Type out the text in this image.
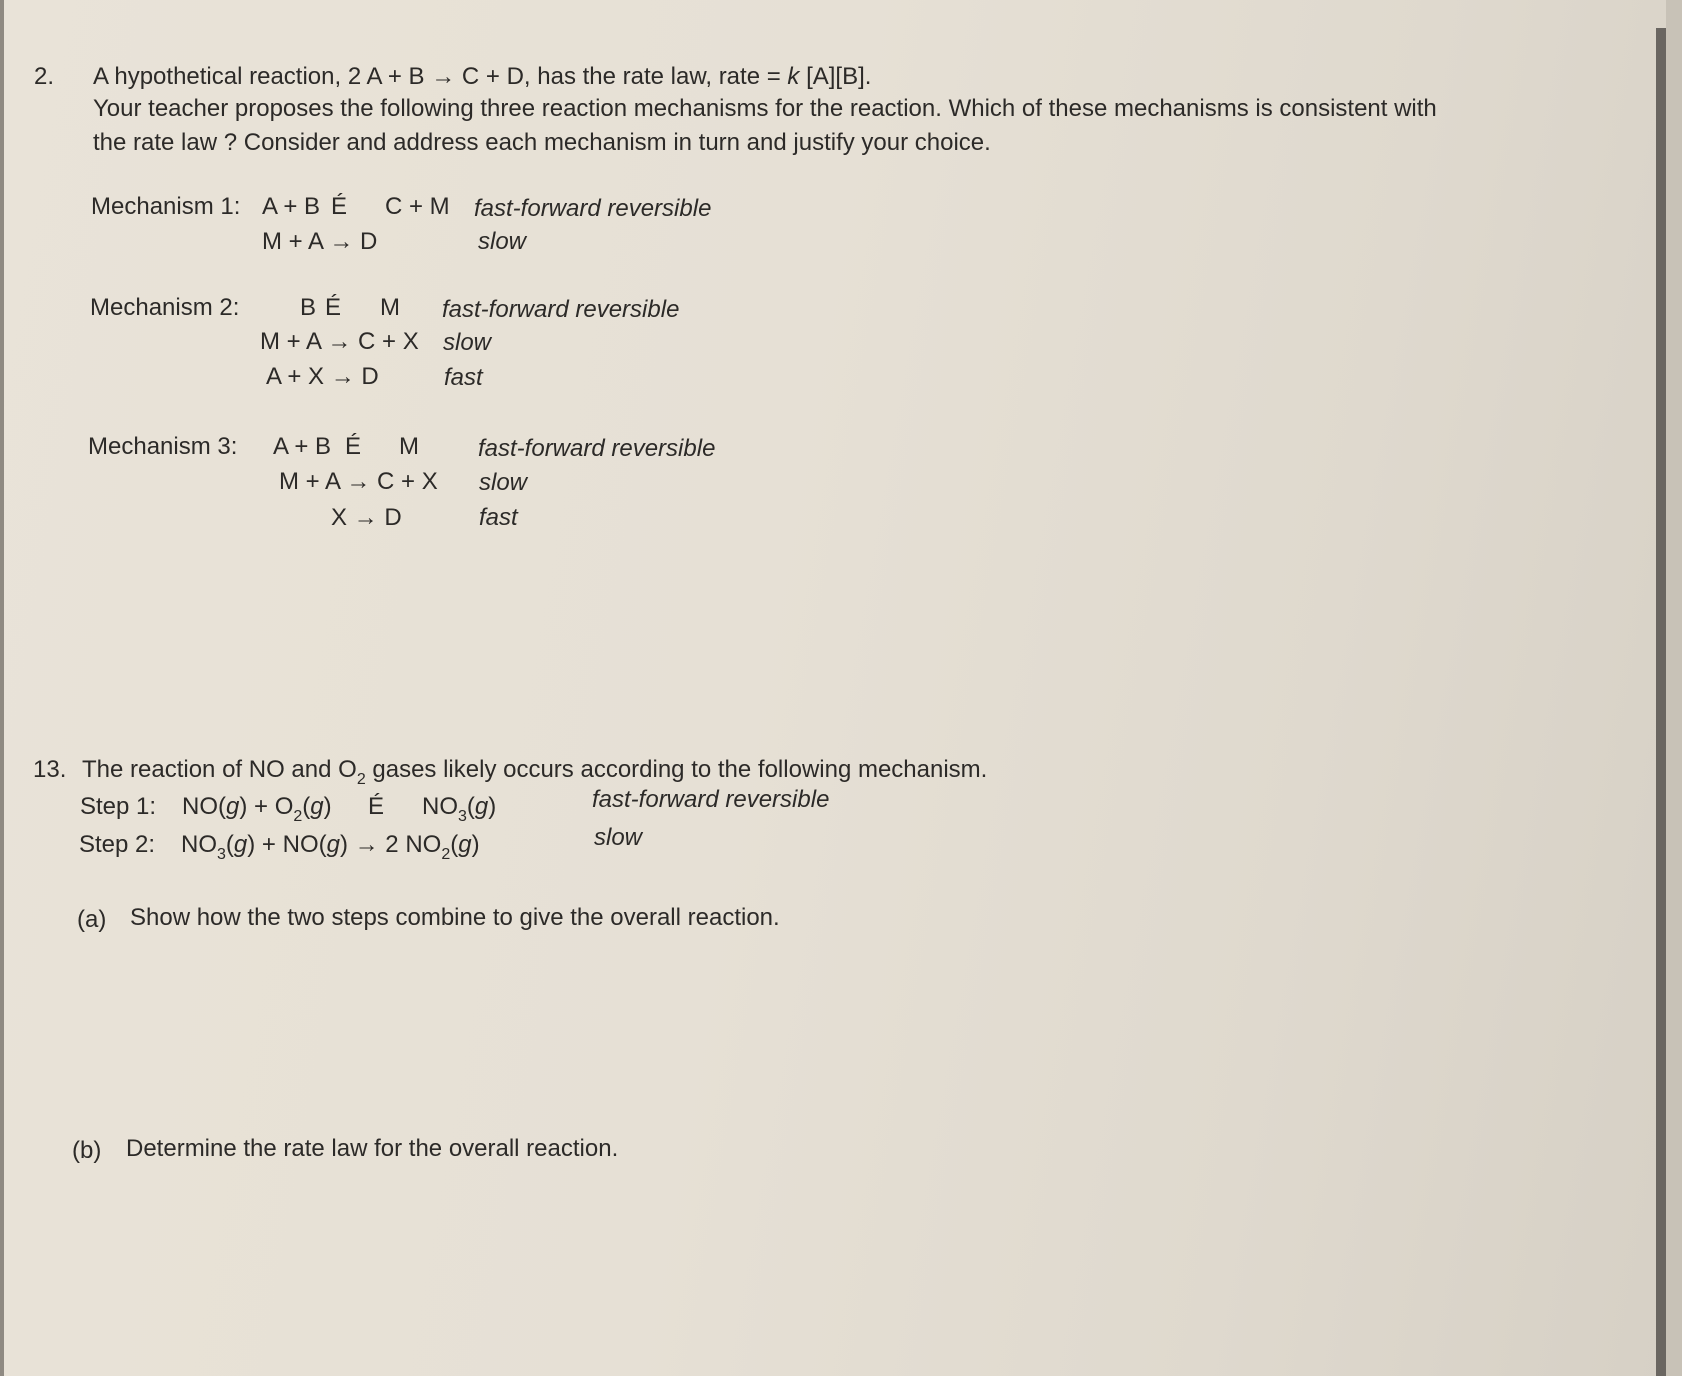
2. A hypothetical reaction, 2 A + B → C + D, has the rate law, rate = k [A][B].
Your teacher proposes the following three reaction mechanisms for the reaction. Which of these mechanisms is consistent with
the rate law ? Consider and address each mechanism in turn and justify your choice.
Mechanism 1: A + B É C + M fast-forward reversible
M + A → D	slow
Mechanism 2:	B É M fast-forward reversible
M + A → C + X slow
A + X → D	fast
Mechanism 3: A + B É M fast-forward reversible
M + A → C + X slow
X → D	fast
13. The reaction of NO and $O_2$ gases likely occurs according to the following mechanism.
Step 1: $NO(g) + O_2(g)$ É $NO_3(g)$	fast-forward reversible
Step 2: $NO_3(g) + NO(g) \to 2$ $NO_2(g)$	slow
(a) Show how the two steps combine to give the overall reaction.
(b) Determine the rate law for the overall reaction.
